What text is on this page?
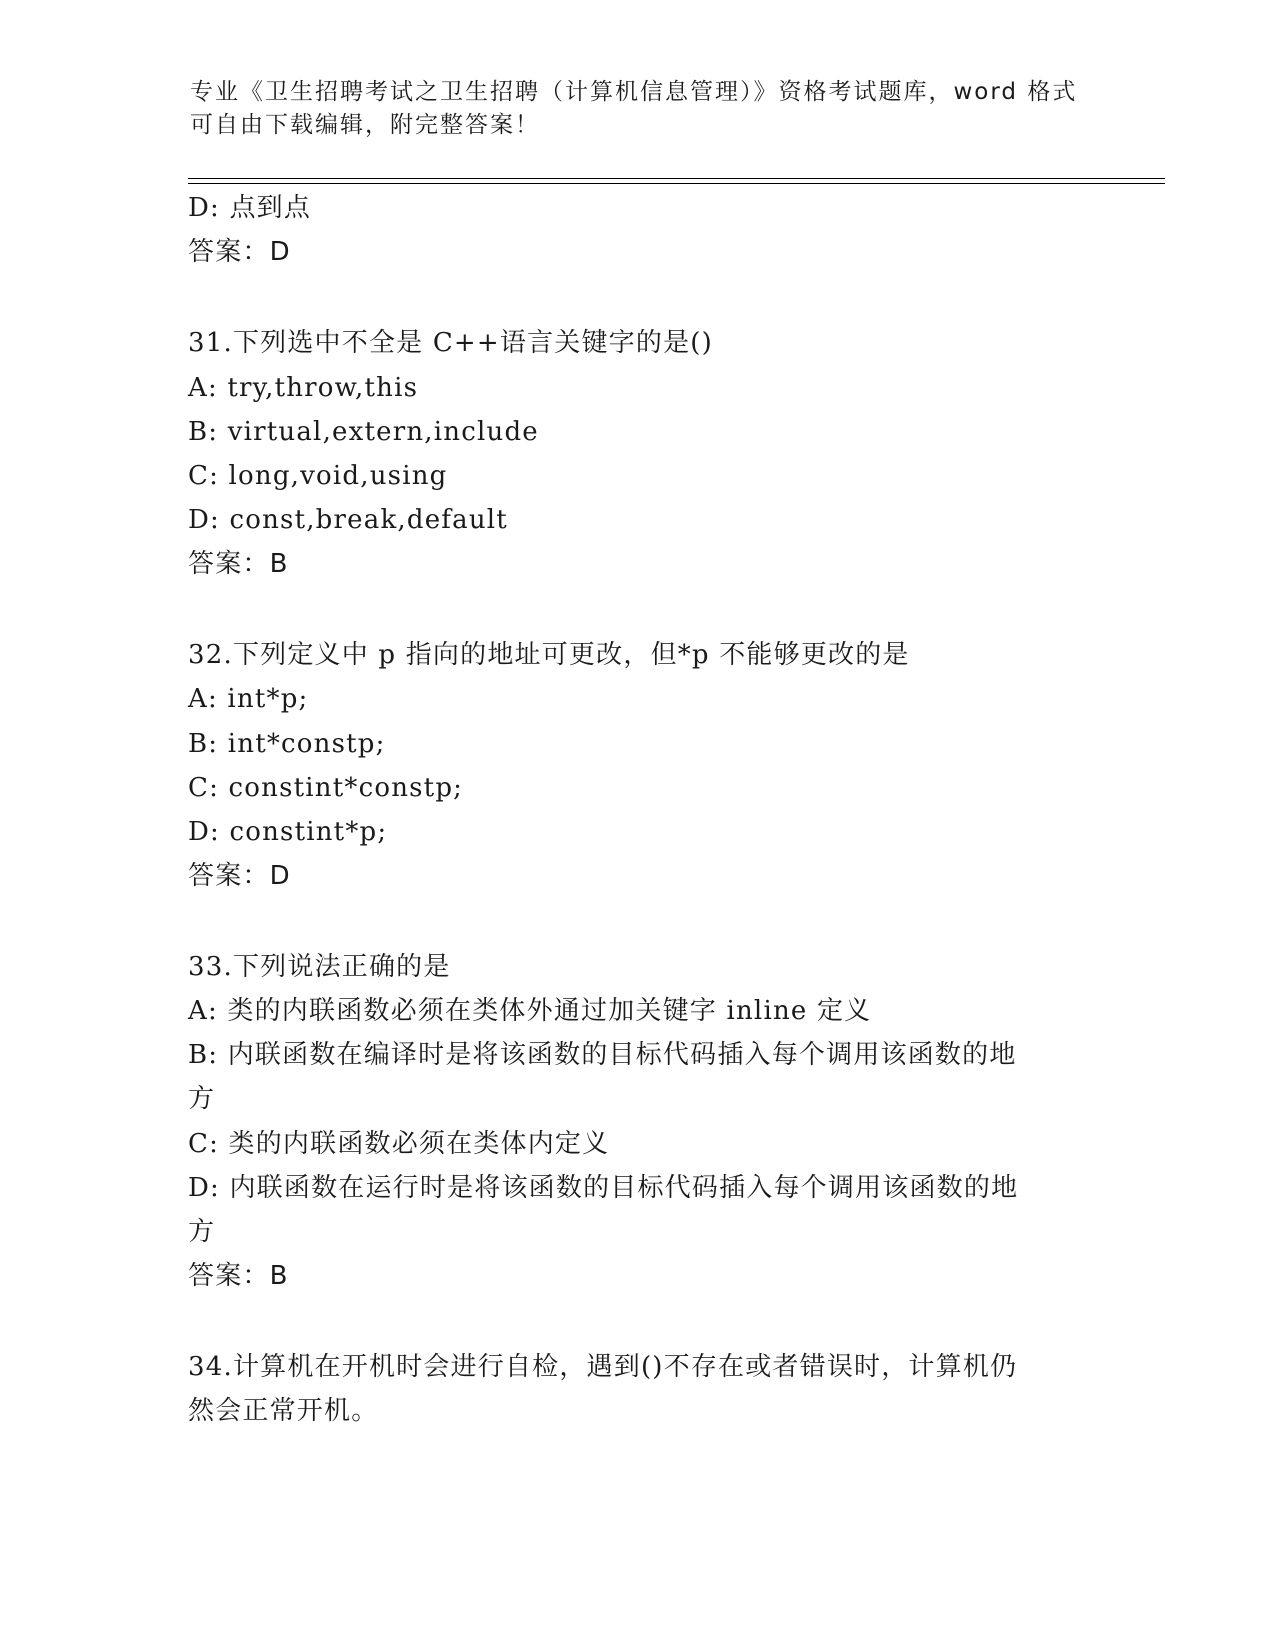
专业《卫生招聘考试之卫生招聘（计算机信息管理）》资格考试题库，word 格式
可自由下载编辑，附完整答案！
D: 点到点
答案：D
31.下列选中不全是 C++语言关键字的是()
A: try,throw,this
B: virtual,extern,include
C: long,void,using
D: const,break,default
答案：B
32.下列定义中 p 指向的地址可更改，但*p 不能够更改的是
A: int*p;
B: int*constp;
C: constint*constp;
D: constint*p;
答案：D
33.下列说法正确的是
A: 类的内联函数必须在类体外通过加关键字 inline 定义
B: 内联函数在编译时是将该函数的目标代码插入每个调用该函数的地
方
C: 类的内联函数必须在类体内定义
D: 内联函数在运行时是将该函数的目标代码插入每个调用该函数的地
方
答案：B
34.计算机在开机时会进行自检，遇到()不存在或者错误时，计算机仍
然会正常开机。
